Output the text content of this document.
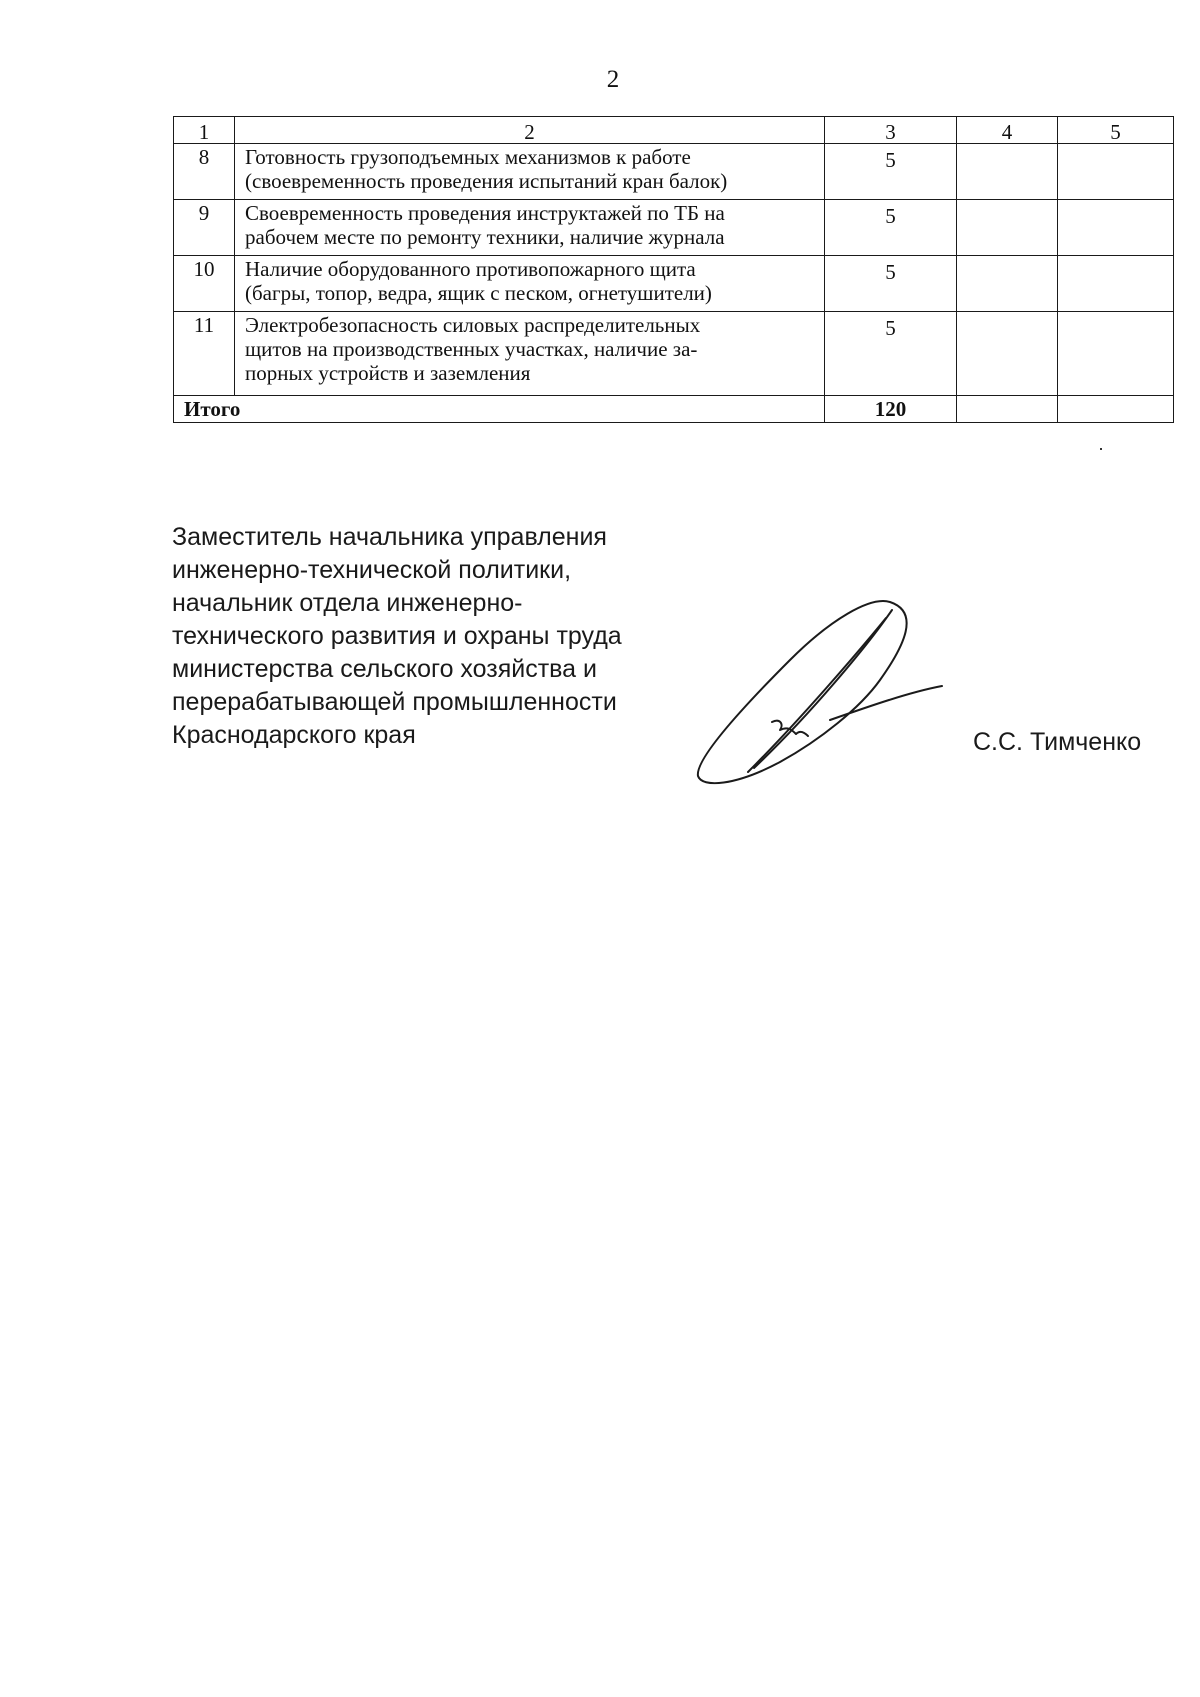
2
1	2	3	4	5
8	Готовность грузоподъемных механизмов к работе
(своевременность проведения испытаний кран балок)	5		
9	Своевременность проведения инструктажей по ТБ на
рабочем месте по ремонту техники, наличие журнала	5		
10	Наличие оборудованного противопожарного щита
(багры, топор, ведра, ящик с песком, огнетушители)	5		
11	Электробезопасность силовых распределительных
щитов на производственных участках, наличие за-
порных устройств и заземления	5		
Итого		120		
Заместитель начальника управления
инженерно-технической политики,
начальник отдела инженерно-
технического развития и охраны труда
министерства сельского хозяйства и
перерабатывающей промышленности
Краснодарского края	С.С. Тимченко
